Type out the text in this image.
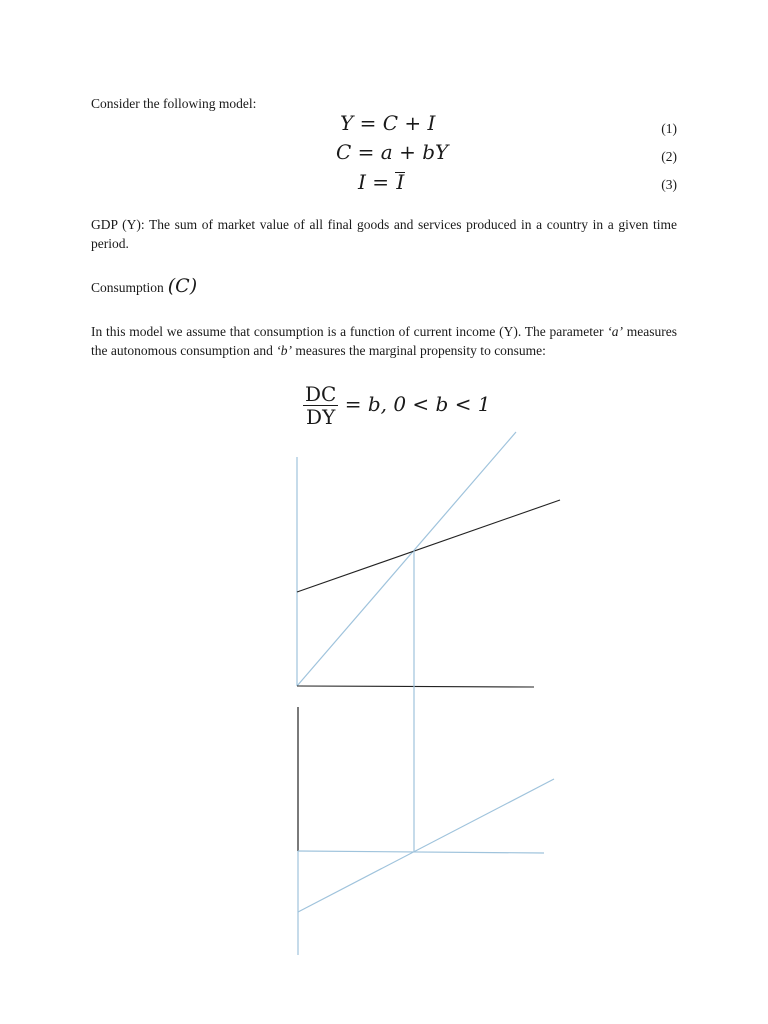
Consider the following model:
Y = C + I	(1)
C = a + bY	(2)
I = I	(3)
GDP (Y): The sum of market value of all final goods and services produced in a country in a given time period.
Consumption (C)
In this model we assume that consumption is a function of current income (Y). The parameter ‘a’ measures the autonomous consumption and ‘b’ measures the marginal propensity to consume:
$\frac{DC}{DY} = b$, 0 < b < 1
